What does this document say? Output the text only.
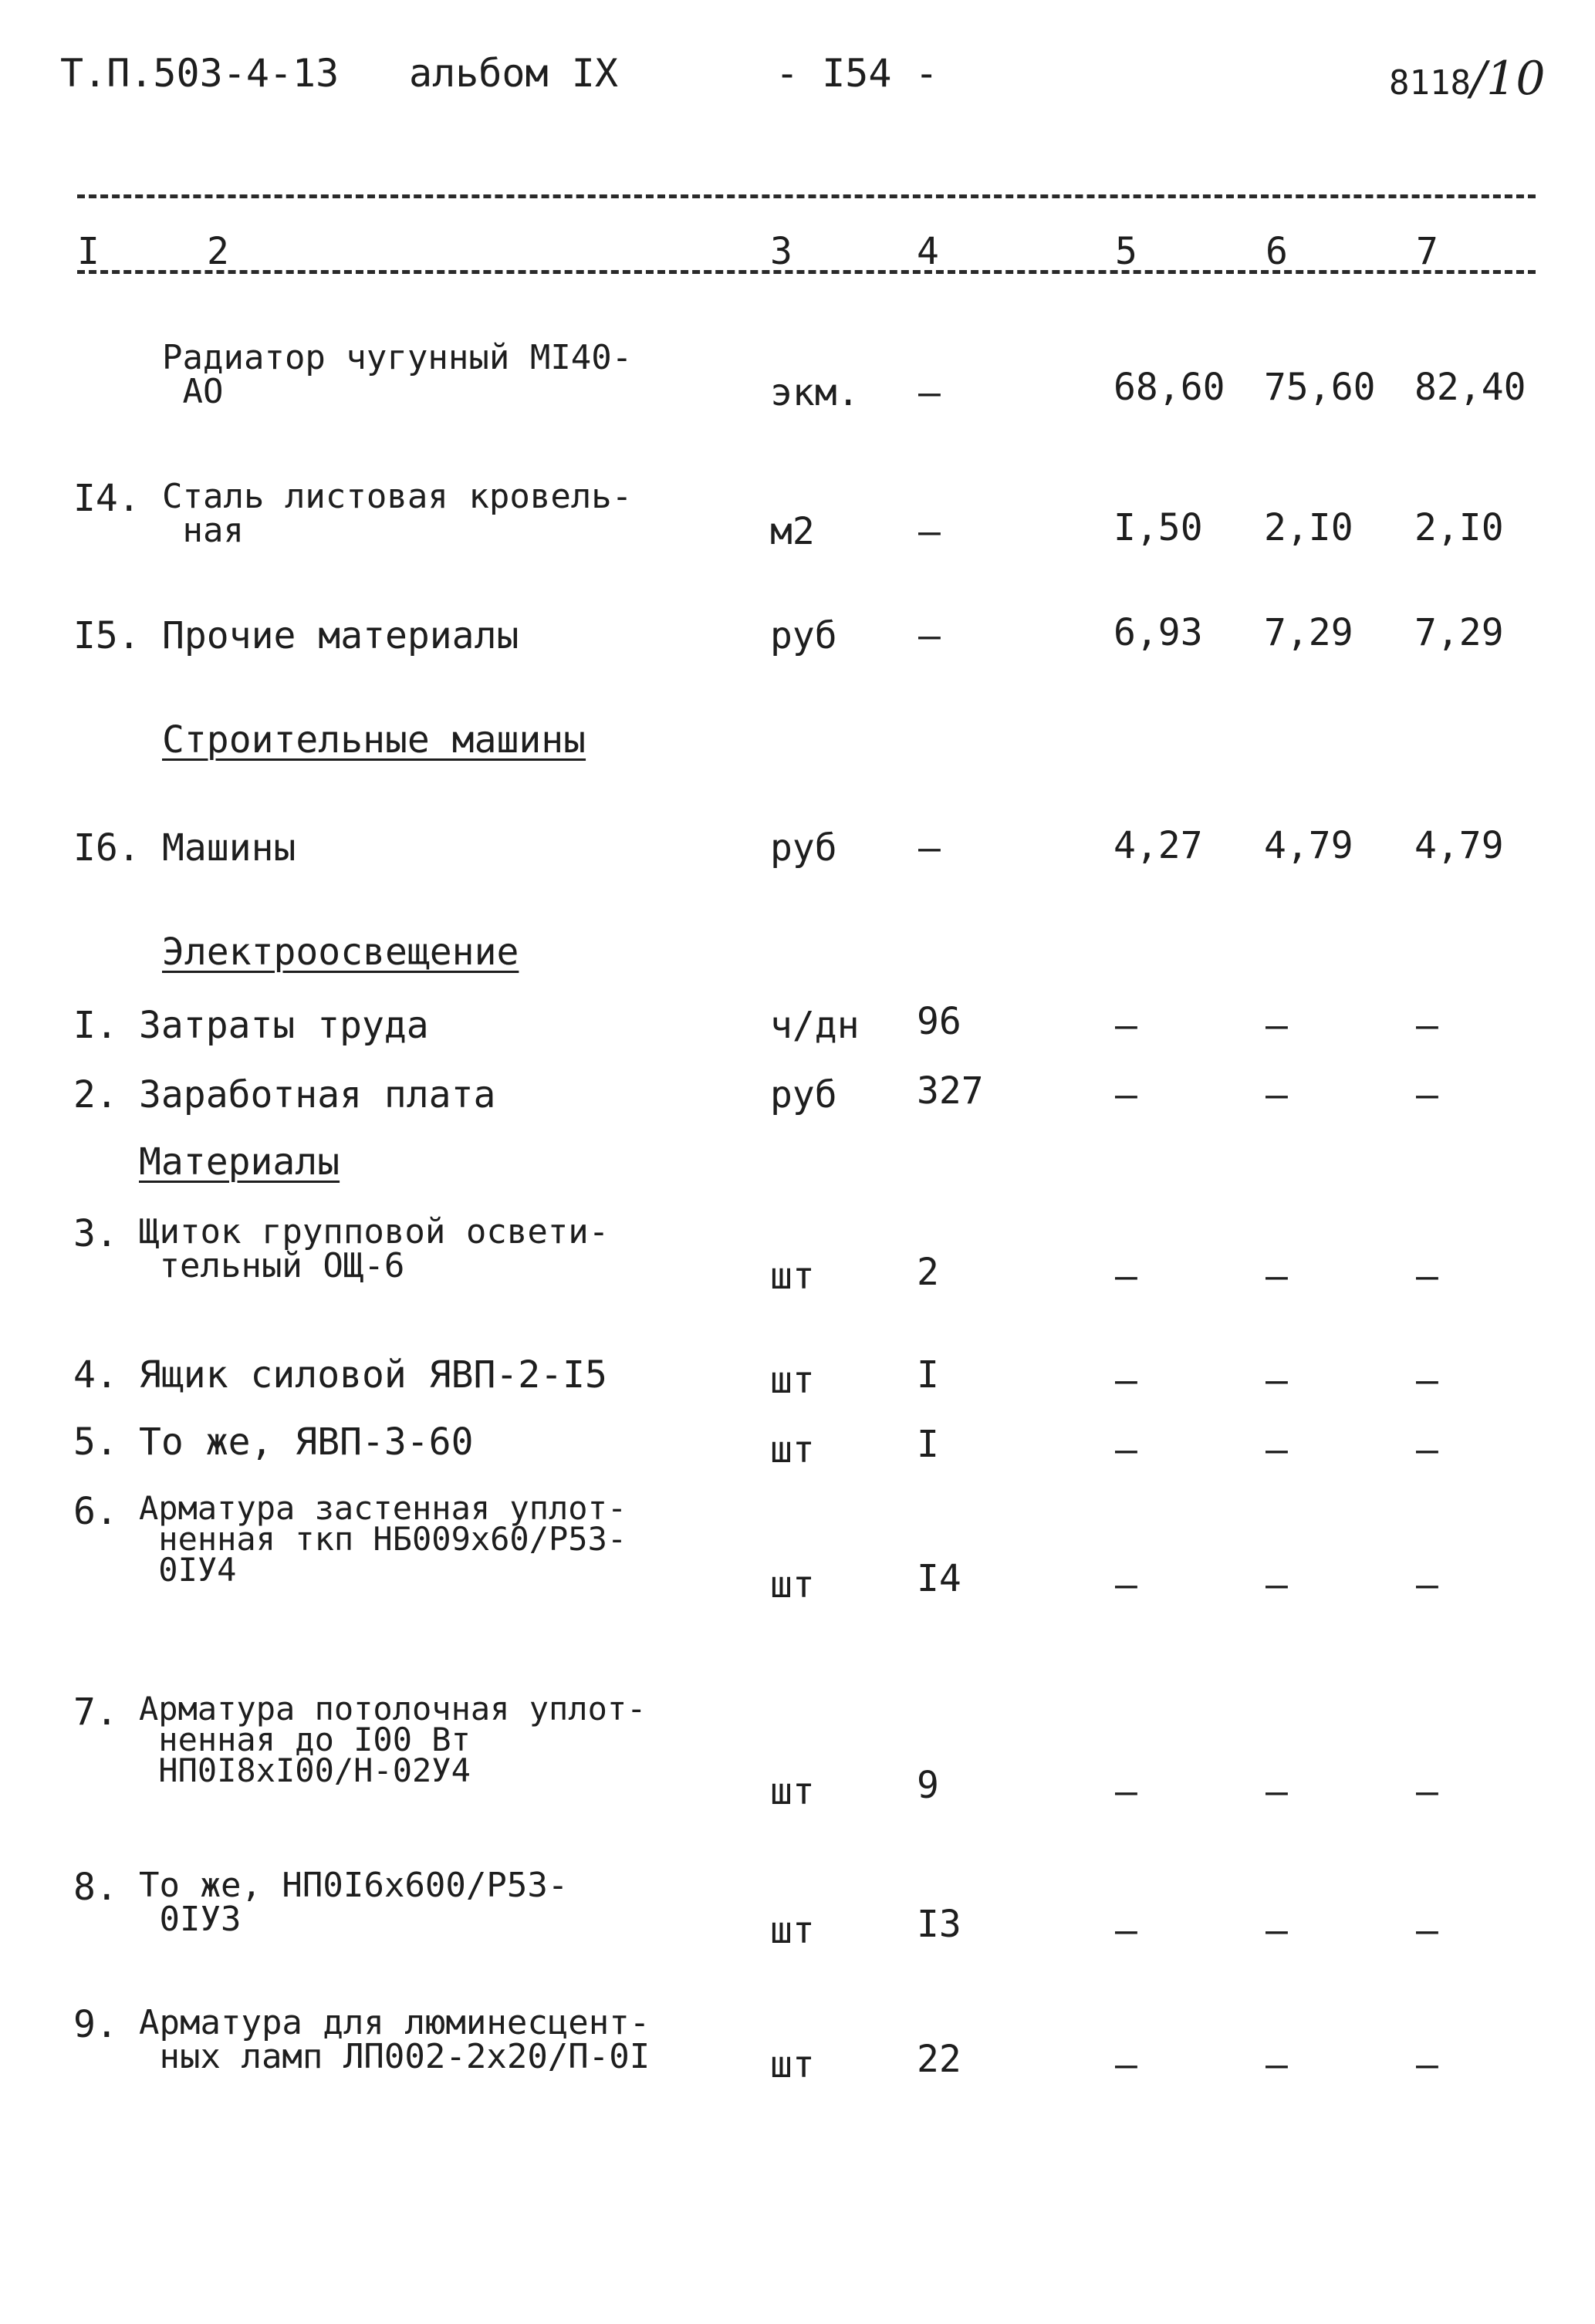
Т.П.503-4-13 альбом IX	- I54 -	8118/10
I	2	3	4	5	6	7
Радиатор чугунный МI40-
АО	экм. –	68,60 75,60 82,40
I4. Сталь листовая кровель-
ная	м2	–	I,50 2,I0 2,I0
I5. Прочие материалы	руб –	6,93 7,29 7,29
Строительные машины
I6. Машины	руб –	4,27 4,79 4,79
Электроосвещение
I. Затраты труда	ч/дн 96	–	–	–
2. Заработная плата	руб 327	–	–	–
Материалы
3. Щиток групповой освети-
тельный ОЩ-6	шт	2	–	–	–
4. Ящик силовой ЯВП-2-I5	шт	I	–	–	–
5. То же, ЯВП-3-60	шт	I	–	–	–
6. Арматура застенная уплот-
ненная ткп НБ009х60/Р53-
0IУ4	шт	I4	–	–	–
7. Арматура потолочная уплот-
ненная до I00 Вт
НП0I8хI00/Н-02У4	шт	9	–	–	–
8. То же, НП0I6х600/Р53-
0IУ3	шт	I3	–	–	–
9. Арматура для люминесцент-
ных ламп ЛП002-2х20/П-0I	шт	22	–	–	–
